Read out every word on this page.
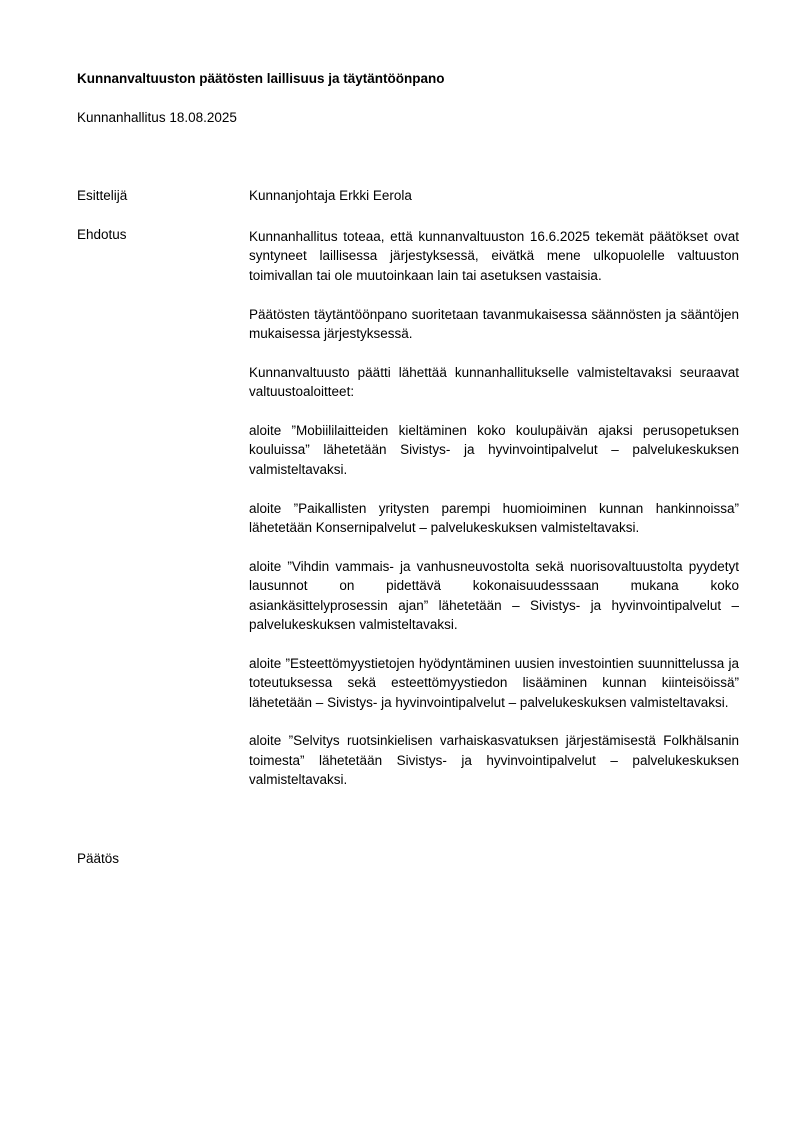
Kunnanvaltuuston päätösten laillisuus ja täytäntöönpano
Kunnanhallitus 18.08.2025
Esittelijä	Kunnanjohtaja Erkki Eerola
Ehdotus	Kunnanhallitus toteaa, että kunnanvaltuuston 16.6.2025 tekemät päätökset ovat syntyneet laillisessa järjestyksessä, eivätkä mene ulkopuolelle valtuuston toimivallan tai ole muutoinkaan lain tai asetuksen vastaisia.

Päätösten täytäntöönpano suoritetaan tavanmukaisessa säännösten ja sääntöjen mukaisessa järjestyksessä.

Kunnanvaltuusto päätti lähettää kunnanhallitukselle valmisteltavaksi seuraavat valtuustoaloitteet:

aloite ”Mobiililaitteiden kieltäminen koko koulupäivän ajaksi perusopetuksen kouluissa” lähetetään Sivistys- ja hyvinvointipalvelut – palvelukeskuksen valmisteltavaksi.

aloite ”Paikallisten yritysten parempi huomioiminen kunnan hankinnoissa” lähetetään Konsernipalvelut – palvelukeskuksen valmisteltavaksi.

aloite ”Vihdin vammais- ja vanhusneuvostolta sekä nuorisovaltuustolta pyydetyt lausunnot on pidettävä kokonaisuudesssaan mukana koko asiankäsittelyprosessin ajan” lähetetään – Sivistys- ja hyvinvointipalvelut – palvelukeskuksen valmisteltavaksi.

aloite ”Esteettömyystietojen hyödyntäminen uusien investointien suunnittelussa ja toteutuksessa sekä esteettömyystiedon lisääminen kunnan kiinteisöissä” lähetetään – Sivistys- ja hyvinvointipalvelut – palvelukeskuksen valmisteltavaksi.

aloite ”Selvitys ruotsinkielisen varhaiskasvatuksen järjestämisestä Folkhälsanin toimesta” lähetetään Sivistys- ja hyvinvointipalvelut – palvelukeskuksen valmisteltavaksi.

Päätös
